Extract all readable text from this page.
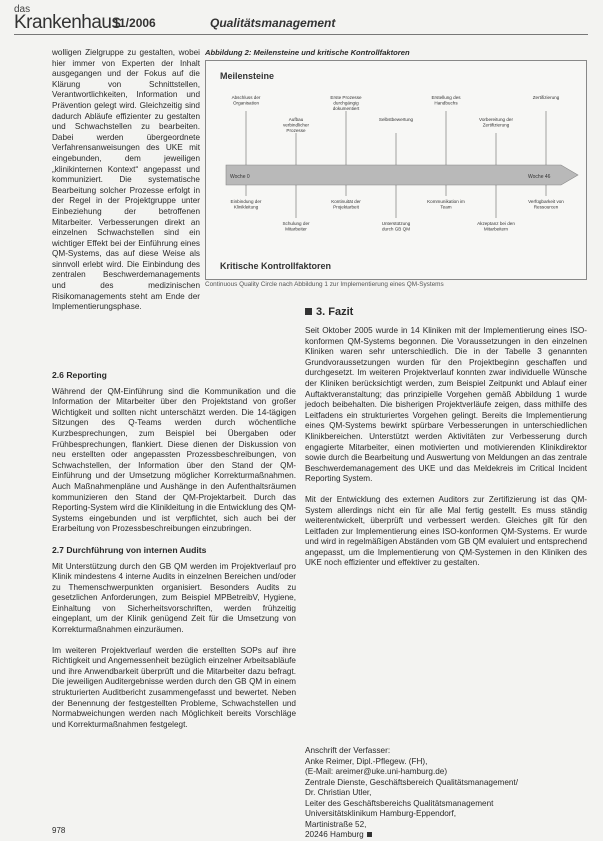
das
Krankenhaus
11/2006	Qualitätsmanagement

wolligen Zielgruppe zu gestalten, wobei hier immer von Experten der Inhalt ausgegangen und der Fokus auf die Klärung von Schnittstellen, Verantwortlichkeiten, Information und Prävention gelegt wird. Gleichzeitig sind dadurch Abläufe effizienter zu gestalten und Schwachstellen zu bearbeiten. Dabei werden übergeordnete Verfahrensanweisungen des UKE mit eingebunden, dem jeweiligen „klinikinternen Kontext“ angepasst und kommuniziert. Die systematische Bearbeitung solcher Prozesse erfolgt in der Regel in der Projektgruppe unter Einbeziehung der betroffenen Mitarbeiter. Verbesserungen direkt an einzelnen Schwachstellen sind ein wichtiger Effekt bei der Einführung eines QM-Systems, das auf diese Weise als sinnvoll erlebt wird. Die Einbindung des zentralen Beschwerdemanagements und des medizinischen Risikomanagements steht am Ende der Implementierungsphase.

2.6 Reporting

Während der QM-Einführung sind die Kommunikation und die Information der Mitarbeiter über den Projektstand von großer Wichtigkeit und sollten nicht unterschätzt werden. Die 14-tägigen Sitzungen des Q-Teams werden durch wöchentliche Kurzbesprechungen, zum Beispiel bei Übergaben oder Frühbesprechungen, flankiert. Diese dienen der Diskussion von neu erstellten oder angepassten Prozessbeschreibungen, von Schwachstellen, der Information über den Stand der QM-Einführung und der Umsetzung möglicher Korrekturmaßnahmen. Auch Maßnahmenpläne und Aushänge in den Aufenthaltsräumen kommunizieren den Stand der QM-Projektarbeit. Durch das Reporting-System wird die Klinikleitung in die Entwicklung des QM-Systems eingebunden und ist verpflichtet, sich auch bei der Erarbeitung von Prozessbeschreibungen einzubringen.

2.7 Durchführung von internen Audits

Mit Unterstützung durch den GB QM werden im Projektverlauf pro Klinik mindestens 4 interne Audits in einzelnen Bereichen und/oder zu Themenschwerpunkten organisiert. Besonders Audits zu gesetzlichen Anforderungen, zum Beispiel MPBetreibV, Hygiene, Einhaltung von Sicherheitsvorschriften, werden frühzeitig eingeplant, um der Klinik genügend Zeit für die Umsetzung von Korrekturmaßnahmen einzuräumen.

Im weiteren Projektverlauf werden die erstellten SOPs auf ihre Richtigkeit und Angemessenheit bezüglich einzelner Arbeitsabläufe und ihre Anwendbarkeit überprüft und die Mitarbeiter dazu befragt. Die jeweiligen Auditergebnisse werden durch den GB QM in einem strukturierten Auditbericht zusammengefasst und bewertet. Neben der Benennung der festgestellten Probleme, Schwachstellen und Normabweichungen werden nach Möglichkeit bereits Vorschläge und Korrekturmaßnahmen festgelegt.

Abbildung 2: Meilensteine und kritische Kontrollfaktoren
Meilensteine
Kritische Kontrollfaktoren
Woche 0	Woche 46
Abschluss der Organisation
Aufbau verbindlicher Prozesse
Erste Prozesse durchgängig dokumentiert
Selbstbewertung
Erstellung des Handbuchs
Vorbereitung der Zertifizierung
Zertifizierung
Einbindung der Klinikleitung
Schulung der Mitarbeiter
Kontinuität der Projektarbeit
Unterstützung durch GB QM
Kommunikation im Team
Akzeptanz bei den Mitarbeitern
Verfügbarkeit von Ressourcen
Continuous Quality Circle nach Abbildung 1 zur Implementierung eines QM-Systems
3. Fazit

Seit Oktober 2005 wurde in 14 Kliniken mit der Implementierung eines ISO-konformen QM-Systems begonnen. Die Voraussetzungen in den einzelnen Kliniken waren sehr unterschiedlich. Die in der Tabelle 3 genannten Grundvoraussetzungen wurden für den Projektbeginn geschaffen und durchgesetzt. Im weiteren Projektverlauf konnten zwar individuelle Wünsche der Kliniken berücksichtigt werden, zum Beispiel Zeitpunkt und Ablauf einer Auftaktveranstaltung; das prinzipielle Vorgehen gemäß Abbildung 1 wurde jedoch beibehalten. Die bisherigen Projektverläufe zeigen, dass mithilfe des Leitfadens ein strukturiertes Vorgehen gelingt. Bereits die Implementierung eines QM-Systems bewirkt spürbare Verbesserungen in unterschiedlichen Klinikbereichen. Unterstützt werden Aktivitäten zur Verbesserung durch engagierte Mitarbeiter, einen motivierten und motivierenden Klinikdirektor sowie durch die Bearbeitung und Auswertung von Meldungen an das zentrale Beschwerdemanagement des UKE und das Meldekreis im Critical Incident Reporting System.

Mit der Entwicklung des externen Auditors zur Zertifizierung ist das QM-System allerdings nicht ein für alle Mal fertig gestellt. Es muss ständig weiterentwickelt, überprüft und verbessert werden. Gleiches gilt für den Leitfaden zur Implementierung eines ISO-konformen QM-Systems. Er wurde und wird in regelmäßigen Abständen vom GB QM evaluiert und entsprechend angepasst, um die Implementierung von QM-Systemen in den Kliniken des UKE noch effizienter und effektiver zu gestalten.

Anschrift der Verfasser:
Anke Reimer, Dipl.-Pflegew. (FH),
(E-Mail: areimer@uke.uni-hamburg.de)
Zentrale Dienste, Geschäftsbereich Qualitätsmanagement/
Dr. Christian Utler,
Leiter des Geschäftsbereichs Qualitätsmanagement
Universitätsklinikum Hamburg-Eppendorf,
Martinistraße 52,
20246 Hamburg
978
